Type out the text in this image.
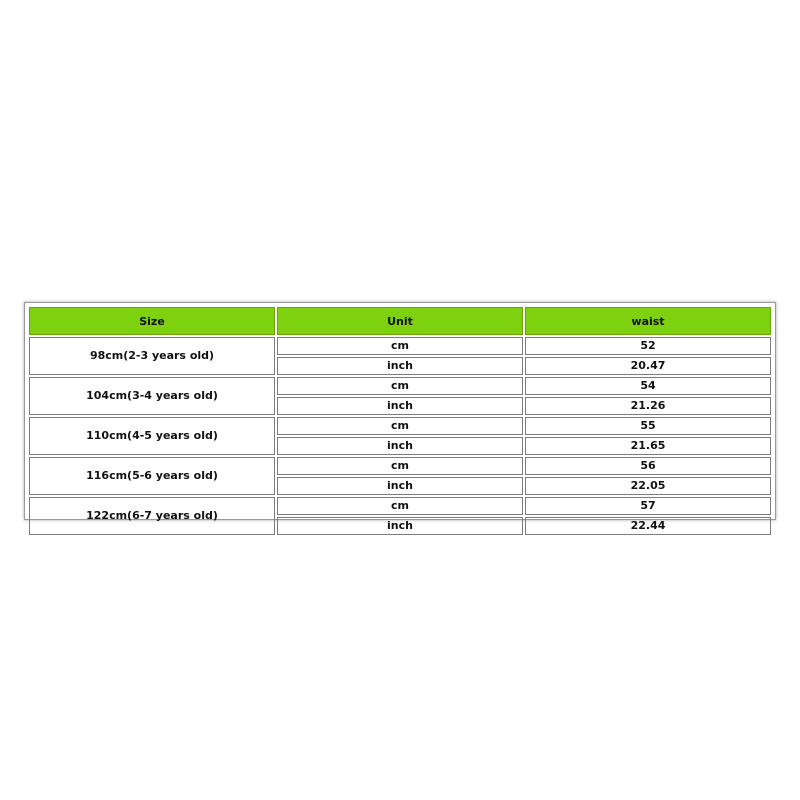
Size	Unit	waist
98cm(2-3 years old)	cm	52
	inch	20.47
104cm(3-4 years old)	cm	54
	inch	21.26
110cm(4-5 years old)	cm	55
	inch	21.65
116cm(5-6 years old)	cm	56
	inch	22.05
122cm(6-7 years old)	cm	57
	inch	22.44
